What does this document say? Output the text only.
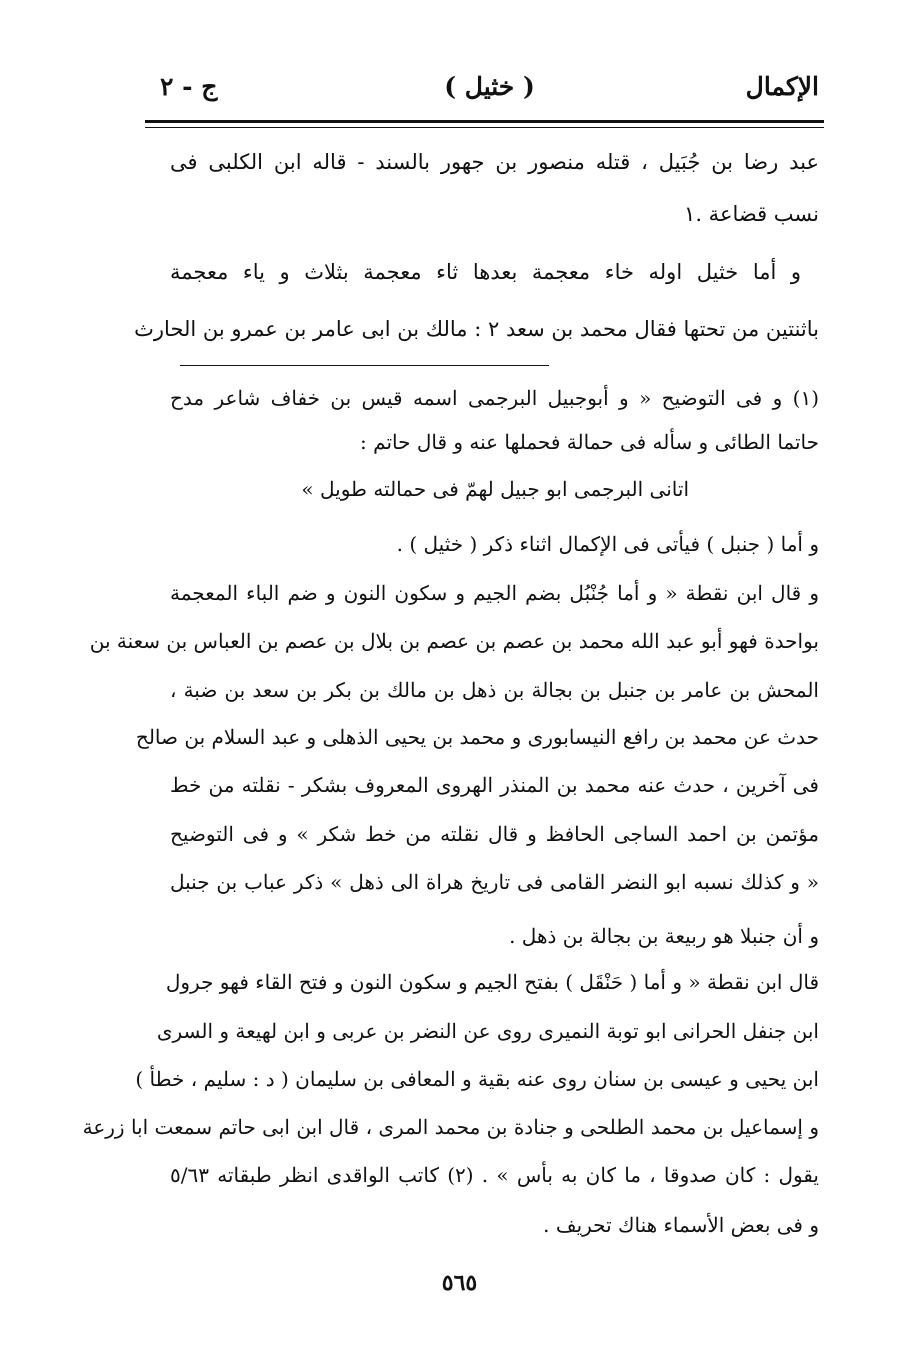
الإكمال
( خثيل )
ج - ٢
عبد رضا بن جُبَيل ، قتله منصور بن جهور بالسند - قاله ابن الكلبى فى
نسب قضاعة .١
و أما خثيل اوله خاء معجمة بعدها ثاء معجمة بثلاث و ياء معجمة
باثنتين من تحتها فقال محمد بن سعد ٢ : مالك بن ابى عامر بن عمرو بن الحارث
(١) و فى التوضيح « و أبوجبيل البرجمى اسمه قيس بن خفاف شاعر مدح
حاتما الطائى و سأله فى حمالة فحملها عنه و قال حاتم :
اتانى البرجمى ابو جبيل لهمّ فى حمالته طويل »
و أما ( جنبل ) فيأتى فى الإكمال اثناء ذكر ( خثيل ) .
و قال ابن نقطة « و أما جُنْبُل بضم الجيم و سكون النون و ضم الباء المعجمة
بواحدة فهو أبو عبد الله محمد بن عصم بن عصم بن بلال بن عصم بن العباس بن سعنة بن
المحش بن عامر بن جنبل بن بجالة بن ذهل بن مالك بن بكر بن سعد بن ضبة ،
حدث عن محمد بن رافع النيسابورى و محمد بن يحيى الذهلى و عبد السلام بن صالح
فى آخرين ، حدث عنه محمد بن المنذر الهروى المعروف بشكر - نقلته من خط
مؤتمن بن احمد الساجى الحافظ و قال نقلته من خط شكر » و فى التوضيح
« و كذلك نسبه ابو النضر القامى فى تاريخ هراة الى ذهل » ذكر عباب بن جنبل
و أن جنبلا هو ربيعة بن بجالة بن ذهل .
قال ابن نقطة « و أما ( حَنْقَل ) بفتح الجيم و سكون النون و فتح القاء فهو جرول
ابن جنفل الحرانى ابو توبة النميرى روى عن النضر بن عربى و ابن لهيعة و السرى
ابن يحيى و عيسى بن سنان روى عنه بقية و المعافى بن سليمان ( د : سليم ، خطأ )
و إسماعيل بن محمد الطلحى و جنادة بن محمد المرى ، قال ابن ابى حاتم سمعت ابا زرعة
يقول : كان صدوقا ، ما كان به بأس » . (٢) كاتب الواقدى انظر طبقاته ٥/٦٣
و فى بعض الأسماء هناك تحريف .
٥٦٥
